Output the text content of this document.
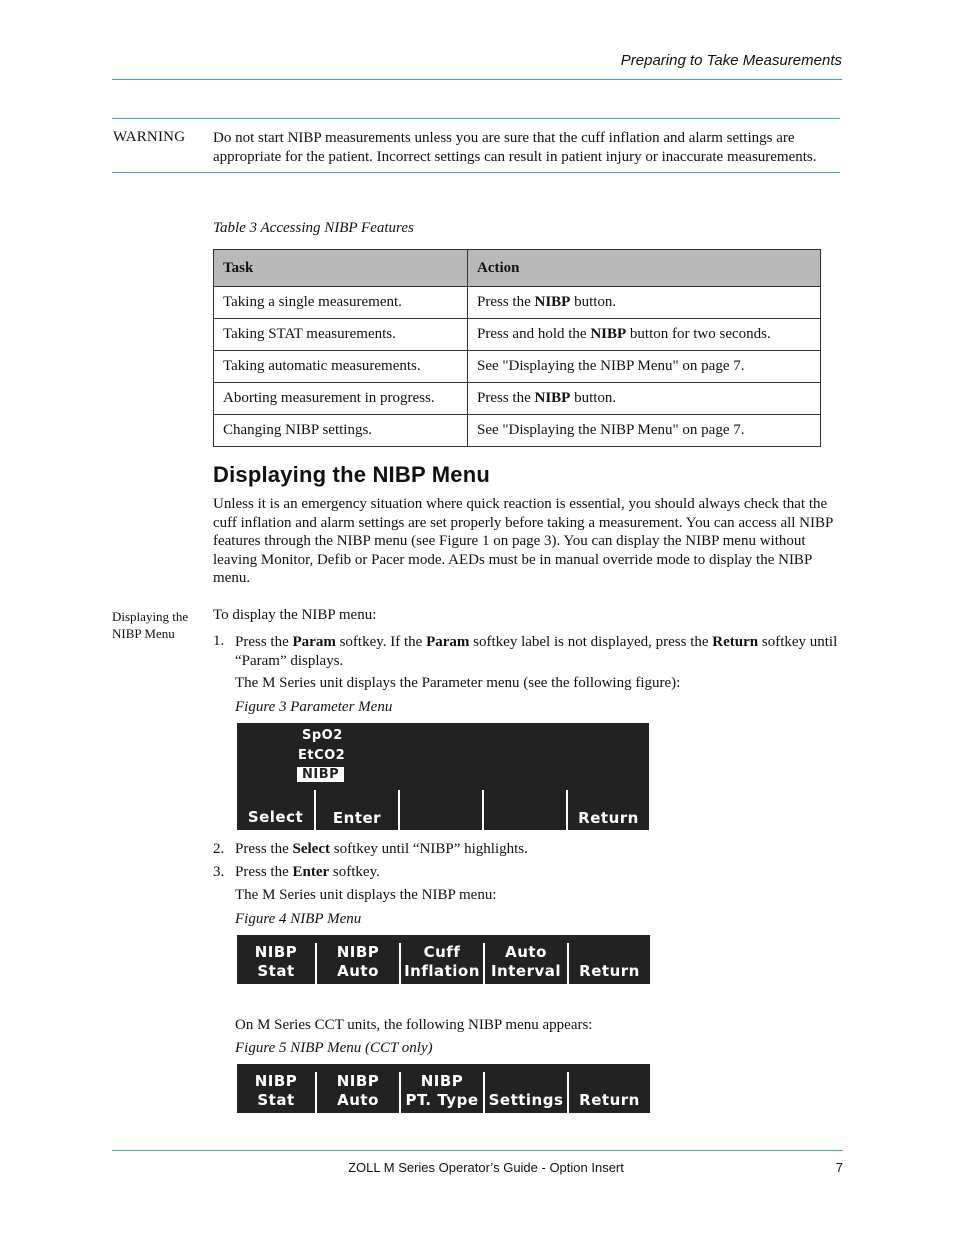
Preparing to Take Measurements
WARNING Do not start NIBP measurements unless you are sure that the cuff inflation and alarm settings are appropriate for the patient. Incorrect settings can result in patient injury or inaccurate measurements.
Table 3 Accessing NIBP Features
Task	Action
Taking a single measurement.	Press the NIBP button.
Taking STAT measurements.	Press and hold the NIBP button for two seconds.
Taking automatic measurements.	See "Displaying the NIBP Menu" on page 7.
Aborting measurement in progress.	Press the NIBP button.
Changing NIBP settings.	See "Displaying the NIBP Menu" on page 7.
Displaying the NIBP Menu
Unless it is an emergency situation where quick reaction is essential, you should always check that the cuff inflation and alarm settings are set properly before taking a measurement. You can access all NIBP features through the NIBP menu (see Figure 1 on page 3). You can display the NIBP menu without leaving Monitor, Defib or Pacer mode. AEDs must be in manual override mode to display the NIBP menu.
Displaying the NIBP Menu
To display the NIBP menu:
1. Press the Param softkey. If the Param softkey label is not displayed, press the Return softkey until “Param” displays.
The M Series unit displays the Parameter menu (see the following figure):
Figure 3 Parameter Menu
SpO2
EtCO2
NIBP
Select	Enter	Return
2. Press the Select softkey until “NIBP” highlights.
3. Press the Enter softkey.
The M Series unit displays the NIBP menu:
Figure 4 NIBP Menu
NIBP
Stat
NIBP
Auto
Cuff
Inflation
Auto
Interval	Return
On M Series CCT units, the following NIBP menu appears:
Figure 5 NIBP Menu (CCT only)
NIBP
Stat
NIBP
Auto
NIBP
PT. Type Settings	Return
ZOLL M Series Operator’s Guide - Option Insert	7
